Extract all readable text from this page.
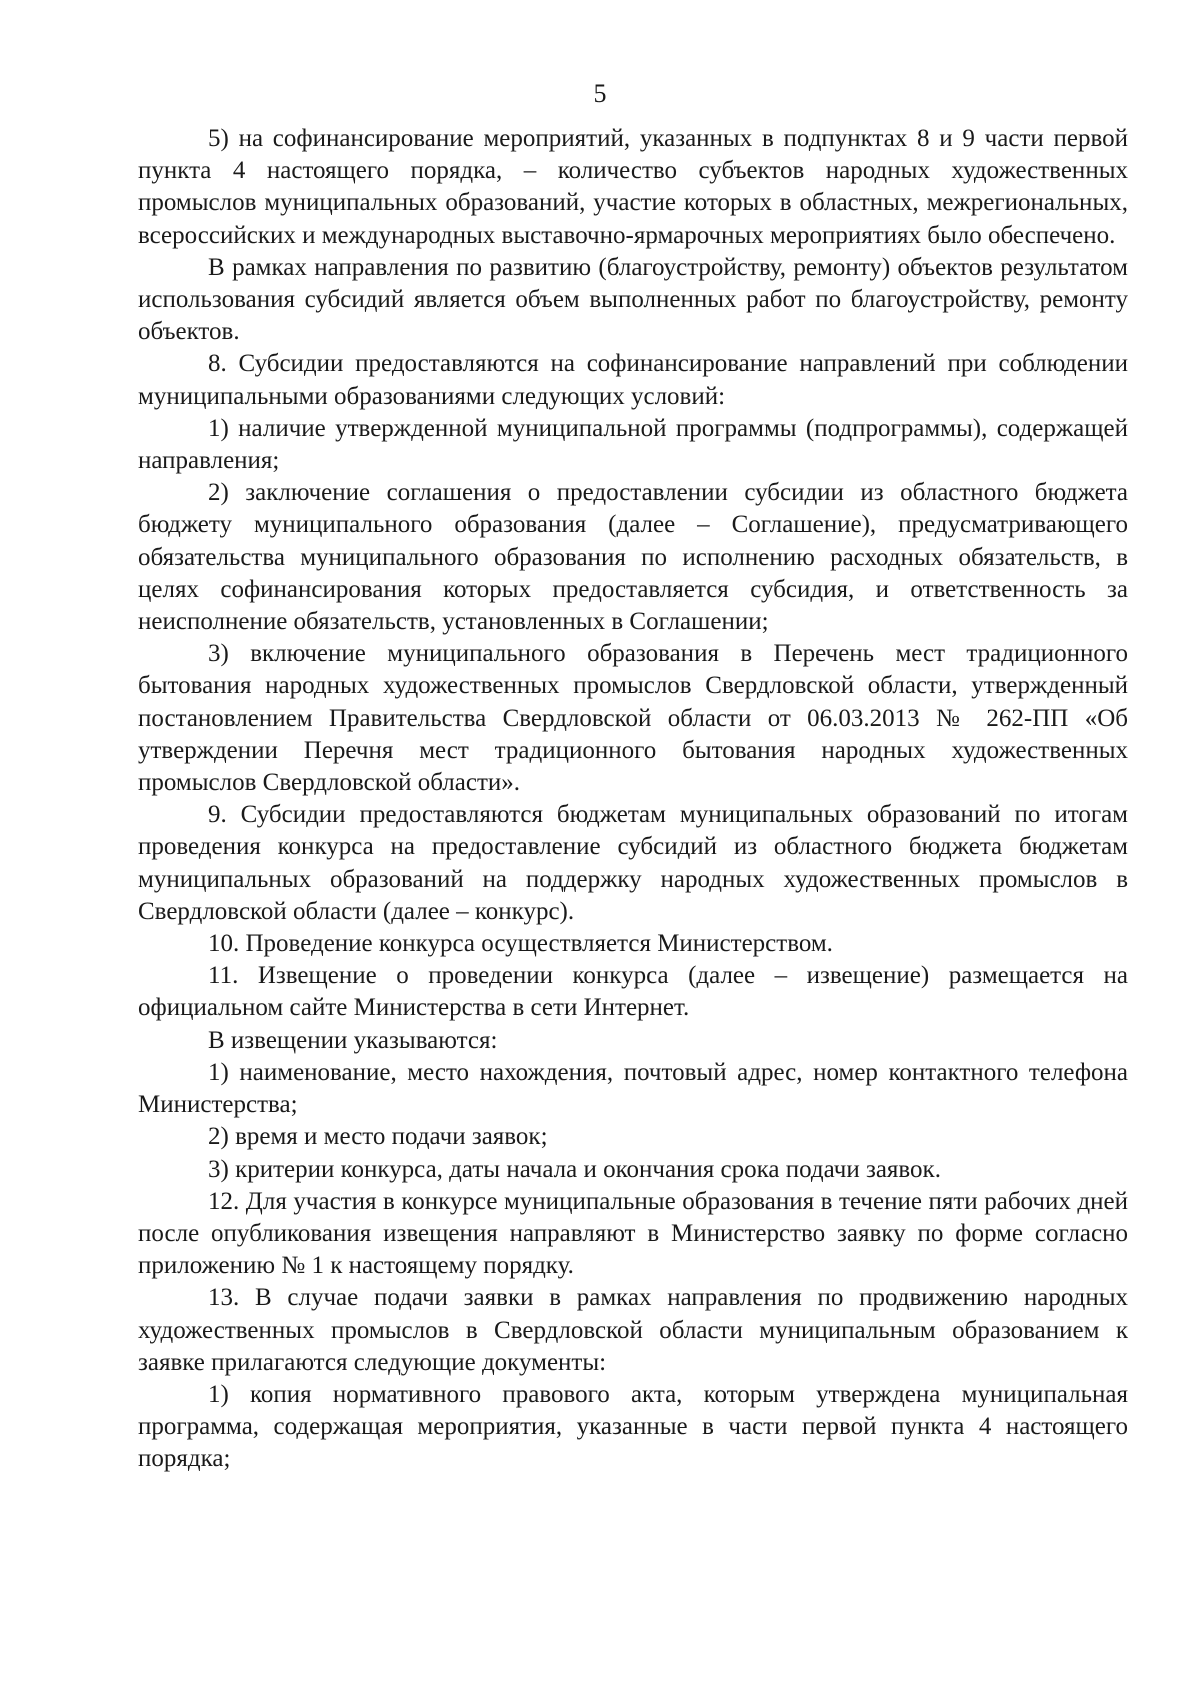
5

5) на софинансирование мероприятий, указанных в подпунктах 8 и 9 части первой пункта 4 настоящего порядка, – количество субъектов народных художественных промыслов муниципальных образований, участие которых в областных, межрегиональных, всероссийских и международных выставочно-ярмарочных мероприятиях было обеспечено.

В рамках направления по развитию (благоустройству, ремонту) объектов результатом использования субсидий является объем выполненных работ по благоустройству, ремонту объектов.

8. Субсидии предоставляются на софинансирование направлений при соблюдении муниципальными образованиями следующих условий:

1) наличие утвержденной муниципальной программы (подпрограммы), содержащей направления;

2) заключение соглашения о предоставлении субсидии из областного бюджета бюджету муниципального образования (далее – Соглашение), предусматривающего обязательства муниципального образования по исполнению расходных обязательств, в целях софинансирования которых предоставляется субсидия, и ответственность за неисполнение обязательств, установленных в Соглашении;

3) включение муниципального образования в Перечень мест традиционного бытования народных художественных промыслов Свердловской области, утвержденный постановлением Правительства Свердловской области от 06.03.2013 № 262-ПП «Об утверждении Перечня мест традиционного бытования народных художественных промыслов Свердловской области».

9. Субсидии предоставляются бюджетам муниципальных образований по итогам проведения конкурса на предоставление субсидий из областного бюджета бюджетам муниципальных образований на поддержку народных художественных промыслов в Свердловской области (далее – конкурс).

10. Проведение конкурса осуществляется Министерством.

11. Извещение о проведении конкурса (далее – извещение) размещается на официальном сайте Министерства в сети Интернет.

В извещении указываются:

1) наименование, место нахождения, почтовый адрес, номер контактного телефона Министерства;

2) время и место подачи заявок;

3) критерии конкурса, даты начала и окончания срока подачи заявок.

12. Для участия в конкурсе муниципальные образования в течение пяти рабочих дней после опубликования извещения направляют в Министерство заявку по форме согласно приложению № 1 к настоящему порядку.

13. В случае подачи заявки в рамках направления по продвижению народных художественных промыслов в Свердловской области муниципальным образованием к заявке прилагаются следующие документы:

1) копия нормативного правового акта, которым утверждена муниципальная программа, содержащая мероприятия, указанные в части первой пункта 4 настоящего порядка;
